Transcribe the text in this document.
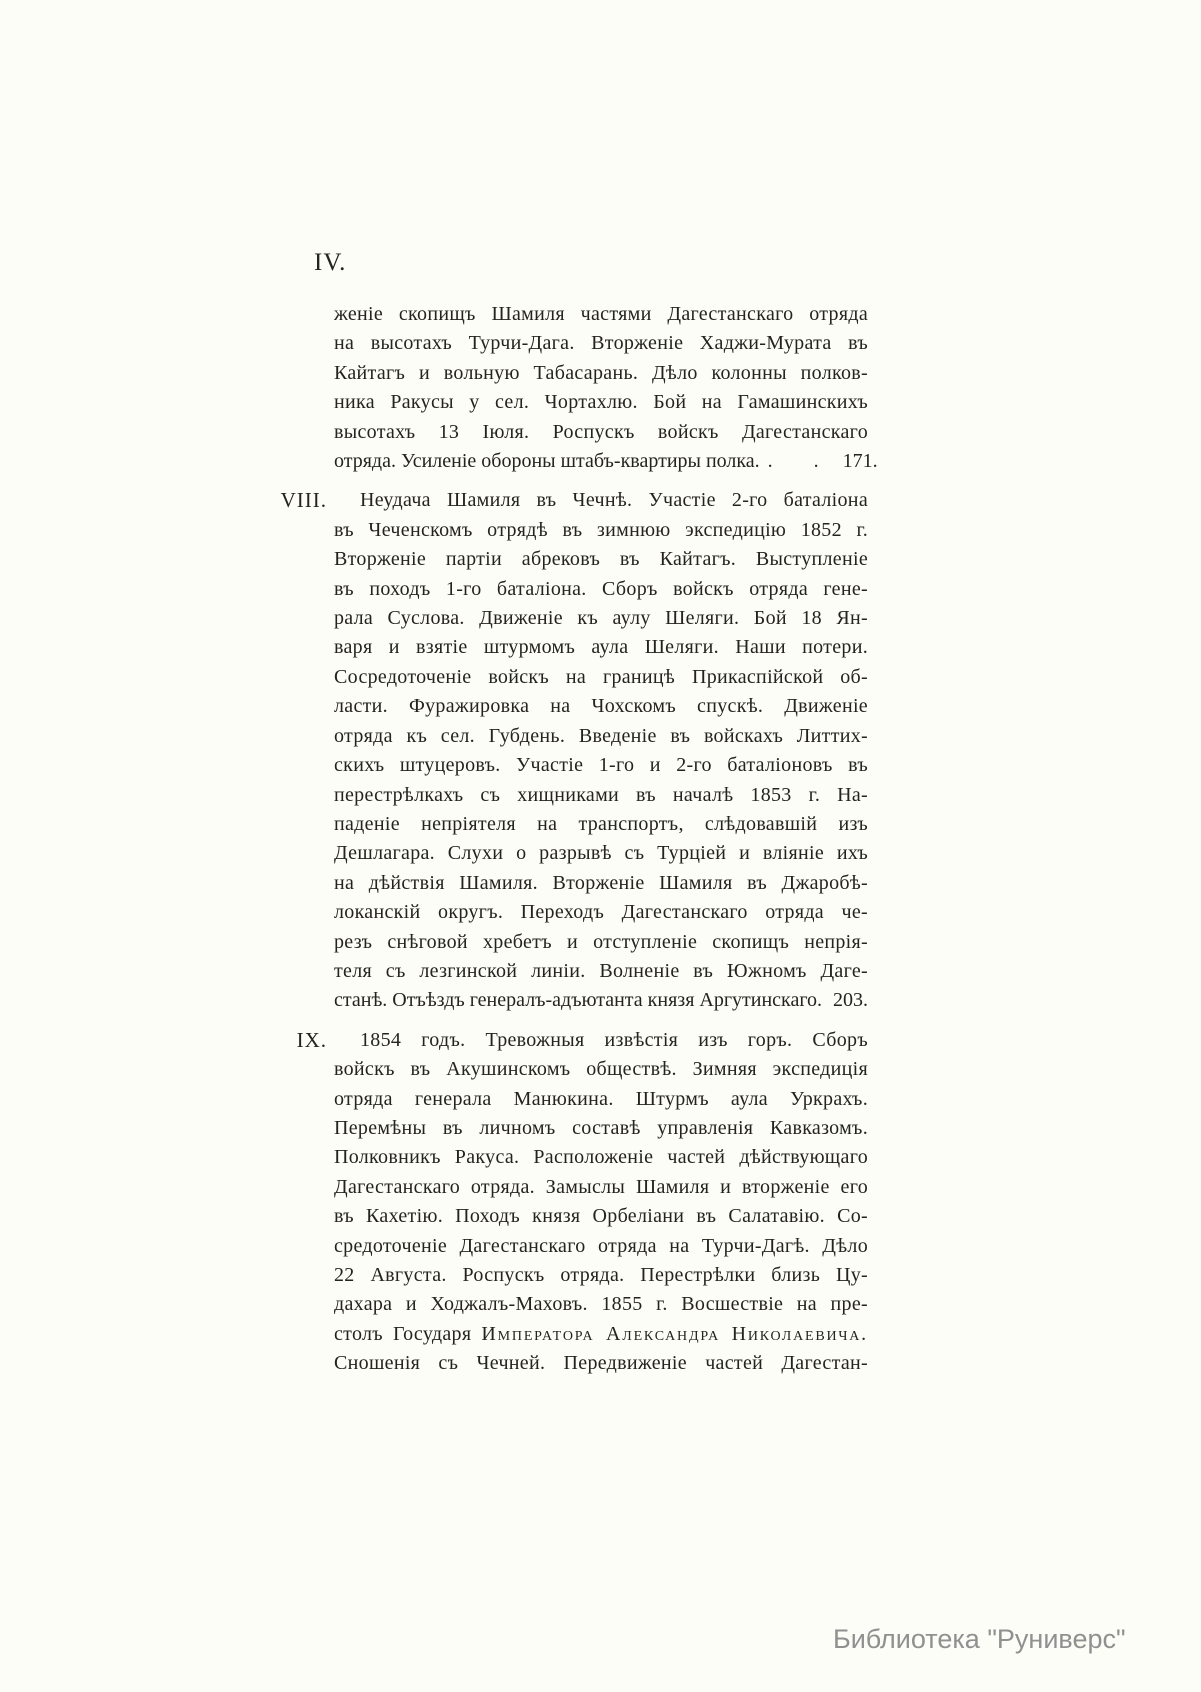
IV.
женіе скопищъ Шамиля частями Дагестанскаго отряда
на высотахъ Турчи-Дага. Вторженіе Хаджи-Мурата въ
Кайтагъ и вольную Табасарань. Дѣло колонны полков-
ника Ракусы у сел. Чортахлю. Бой на Гамашинскихъ
высотахъ 13 Іюля. Роспускъ войскъ Дагестанскаго
отряда. Усиленіе обороны штабъ-квартиры полка. . . 171.
VIII.	Неудача Шамиля въ Чечнѣ. Участіе 2-го баталіона
въ Чеченскомъ отрядѣ въ зимнюю экспедицію 1852 г.
Вторженіе партіи абрековъ въ Кайтагъ. Выступленіе
въ походъ 1-го баталіона. Сборъ войскъ отряда гене-
рала Суслова. Движеніе къ аулу Шеляги. Бой 18 Ян-
варя и взятіе штурмомъ аула Шеляги. Наши потери.
Сосредоточеніе войскъ на границѣ Прикаспійской об-
ласти. Фуражировка на Чохскомъ спускѣ. Движеніе
отряда къ сел. Губдень. Введеніе въ войскахъ Литтих-
скихъ штуцеровъ. Участіе 1-го и 2-го баталіоновъ въ
перестрѣлкахъ съ хищниками въ началѣ 1853 г. На-
паденіе непріятеля на транспортъ, слѣдовавшій изъ
Дешлагара. Слухи о разрывѣ съ Турціей и вліяніе ихъ
на дѣйствія Шамиля. Вторженіе Шамиля въ Джаробѣ-
локанскій округъ. Переходъ Дагестанскаго отряда че-
резъ снѣговой хребетъ и отступленіе скопищъ непрія-
теля съ лезгинской линіи. Волненіе въ Южномъ Даге-
станѣ. Отъѣздъ генералъ-адъютанта князя Аргутинскаго. 203.
IX.	1854 годъ. Тревожныя извѣстія изъ горъ. Сборъ
войскъ въ Акушинскомъ обществѣ. Зимняя экспедиція
отряда генерала Манюкина. Штурмъ аула Уркрахъ.
Перемѣны въ личномъ составѣ управленія Кавказомъ.
Полковникъ Ракуса. Расположеніе частей дѣйствующаго
Дагестанскаго отряда. Замыслы Шамиля и вторженіе его
въ Кахетію. Походъ князя Орбеліани въ Салатавію. Со-
средоточеніе Дагестанскаго отряда на Турчи-Дагѣ. Дѣло
22 Августа. Роспускъ отряда. Перестрѣлки близь Цу-
дахара и Ходжалъ-Маховъ. 1855 г. Восшествіе на пре-
столъ Государя Императора Александра Николаевича.
Сношенія съ Чечней. Передвиженіе частей Дагестан-
Библиотека "Руниверс"
